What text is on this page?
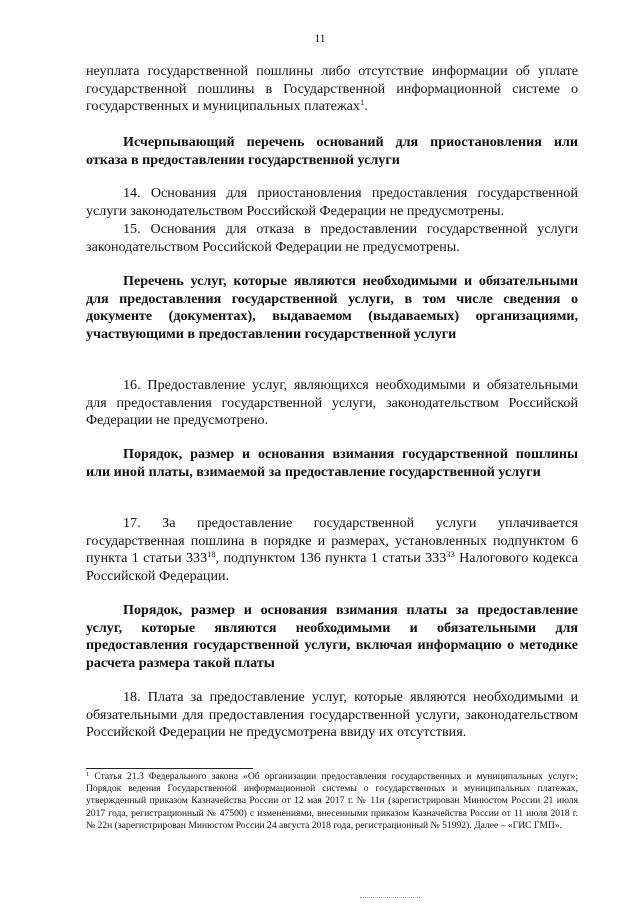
11

неуплата государственной пошлины либо отсутствие информации об уплате государственной пошлины в Государственной информационной системе о государственных и муниципальных платежах$^1$.

Исчерпывающий перечень оснований для приостановления или отказа в предоставлении государственной услуги

14. Основания для приостановления предоставления государственной услуги законодательством Российской Федерации не предусмотрены.

15. Основания для отказа в предоставлении государственной услуги законодательством Российской Федерации не предусмотрены.

Перечень услуг, которые являются необходимыми и обязательными для предоставления государственной услуги, в том числе сведения о документе (документах), выдаваемом (выдаваемых) организациями, участвующими в предоставлении государственной услуги

16. Предоставление услуг, являющихся необходимыми и обязательными для предоставления государственной услуги, законодательством Российской Федерации не предусмотрено.

Порядок, размер и основания взимания государственной пошлины или иной платы, взимаемой за предоставление государственной услуги

17. За предоставление государственной услуги уплачивается государственная пошлина в порядке и размерах, установленных подпунктом 6 пункта 1 статьи $333^{18}$, подпунктом 136 пункта 1 статьи $333^{33}$ Налогового кодекса Российской Федерации.

Порядок, размер и основания взимания платы за предоставление услуг, которые являются необходимыми и обязательными для предоставления государственной услуги, включая информацию о методике расчета размера такой платы

18. Плата за предоставление услуг, которые являются необходимыми и обязательными для предоставления государственной услуги, законодательством Российской Федерации не предусмотрена ввиду их отсутствия.

$^1$ Статья 21.3 Федерального закона «Об организации предоставления государственных и муниципальных услуг»; Порядок ведения Государственной информационной системы о государственных и муниципальных платежах, утвержденный приказом Казначейства России от 12 мая 2017 г. № 11н (зарегистрирован Минюстом России 21 июля 2017 года, регистрационный № 47500) с изменениями, внесенными приказом Казначейства России от 11 июля 2018 г. № 22н (зарегистрирован Минюстом России 24 августа 2018 года, регистрационный № 51992). Далее – «ГИС ГМП».
